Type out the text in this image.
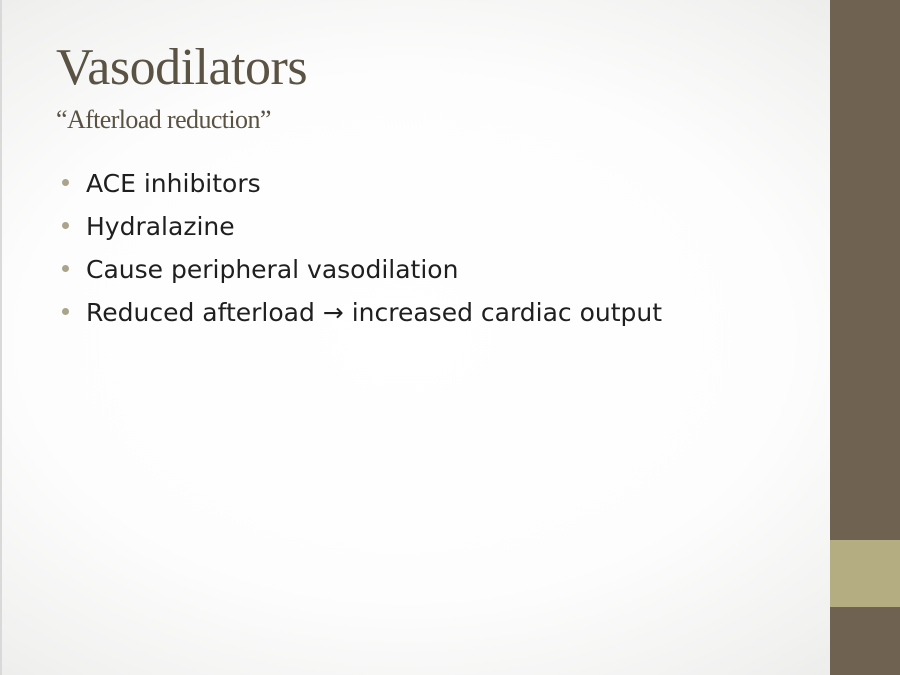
Vasodilators
“Afterload reduction”
ACE inhibitors
Hydralazine
Cause peripheral vasodilation
Reduced afterload → increased cardiac output
